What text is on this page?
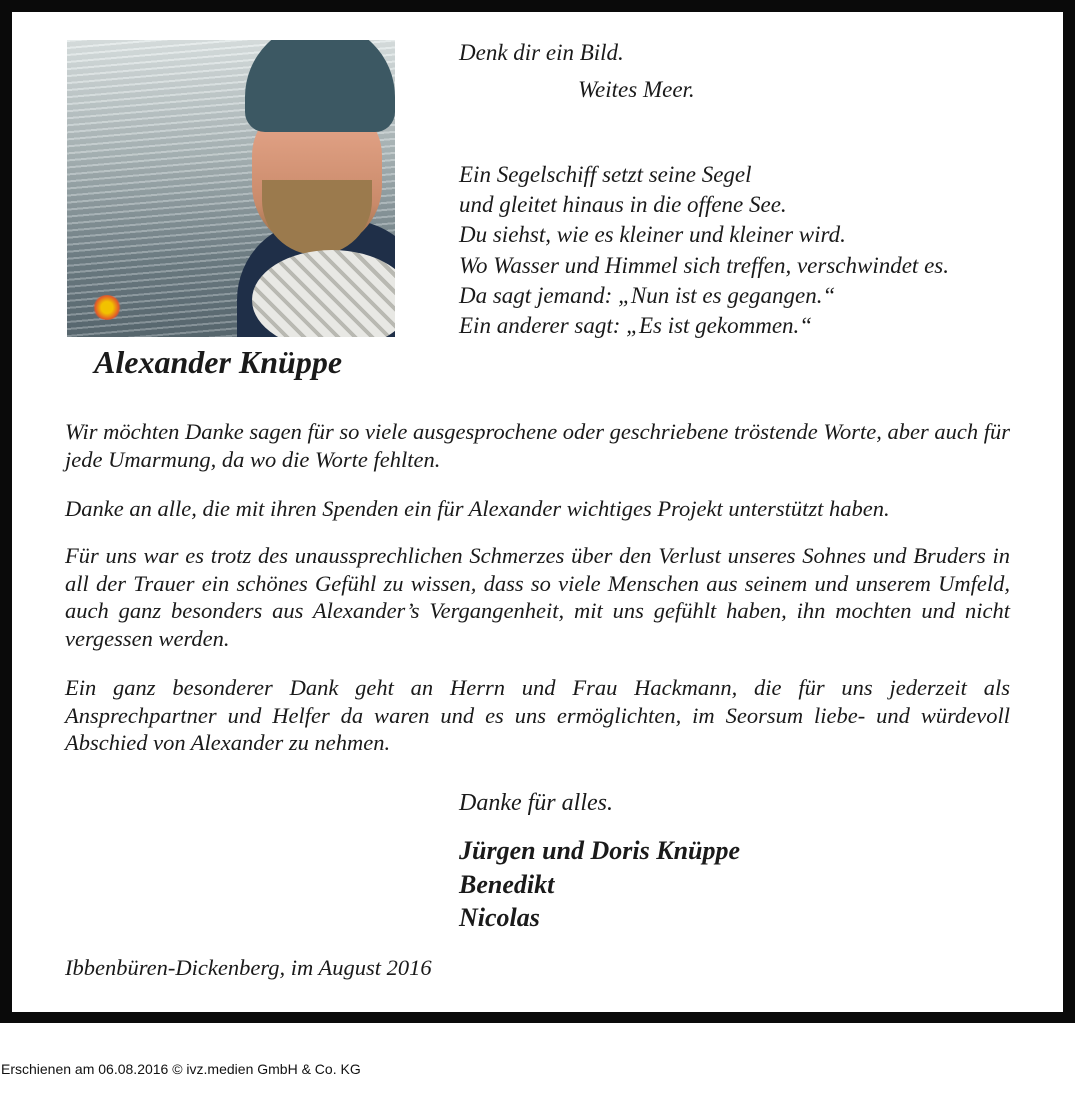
Alexander Knüppe
Denk dir ein Bild.
Weites Meer.
Ein Segelschiff setzt seine Segel
und gleitet hinaus in die offene See.
Du siehst, wie es kleiner und kleiner wird.
Wo Wasser und Himmel sich treffen, verschwindet es.
Da sagt jemand: „Nun ist es gegangen.“
Ein anderer sagt: „Es ist gekommen.“

Wir möchten Danke sagen für so viele ausgesprochene oder geschriebene tröstende Worte, aber auch für jede Umarmung, da wo die Worte fehlten.

Danke an alle, die mit ihren Spenden ein für Alexander wichtiges Projekt unterstützt haben.

Für uns war es trotz des unaussprechlichen Schmerzes über den Verlust unseres Sohnes und Bruders in all der Trauer ein schönes Gefühl zu wissen, dass so viele Menschen aus seinem und unserem Umfeld, auch ganz besonders aus Alexander’s Vergangenheit, mit uns gefühlt haben, ihn mochten und nicht vergessen werden.

Ein ganz besonderer Dank geht an Herrn und Frau Hackmann, die für uns jederzeit als Ansprechpartner und Helfer da waren und es uns ermöglichten, im Seorsum liebe- und würdevoll Abschied von Alexander zu nehmen.

Danke für alles.
Jürgen und Doris Knüppe
Benedikt
Nicolas
Ibbenbüren-Dickenberg, im August 2016
Erschienen am 06.08.2016 © ivz.medien GmbH & Co. KG
